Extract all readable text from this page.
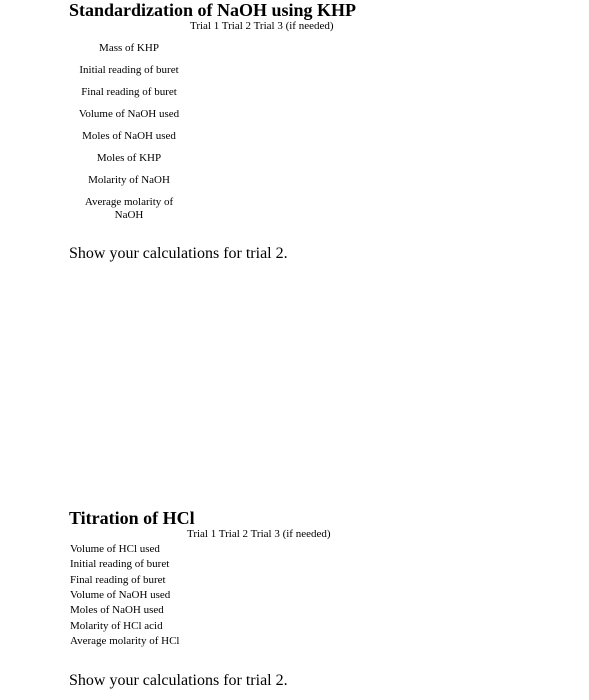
Standardization of NaOH using KHP
Trial 1 Trial 2 Trial 3 (if needed)
Mass of KHP
Initial reading of buret
Final reading of buret
Volume of NaOH used
Moles of NaOH used
Moles of KHP
Molarity of NaOH
Average molarity of NaOH
Show your calculations for trial 2.
Titration of HCl
Trial 1 Trial 2 Trial 3 (if needed)
Volume of HCl used
Initial reading of buret
Final reading of buret
Volume of NaOH used
Moles of NaOH used
Molarity of HCl acid
Average molarity of HCl
Show your calculations for trial 2.
